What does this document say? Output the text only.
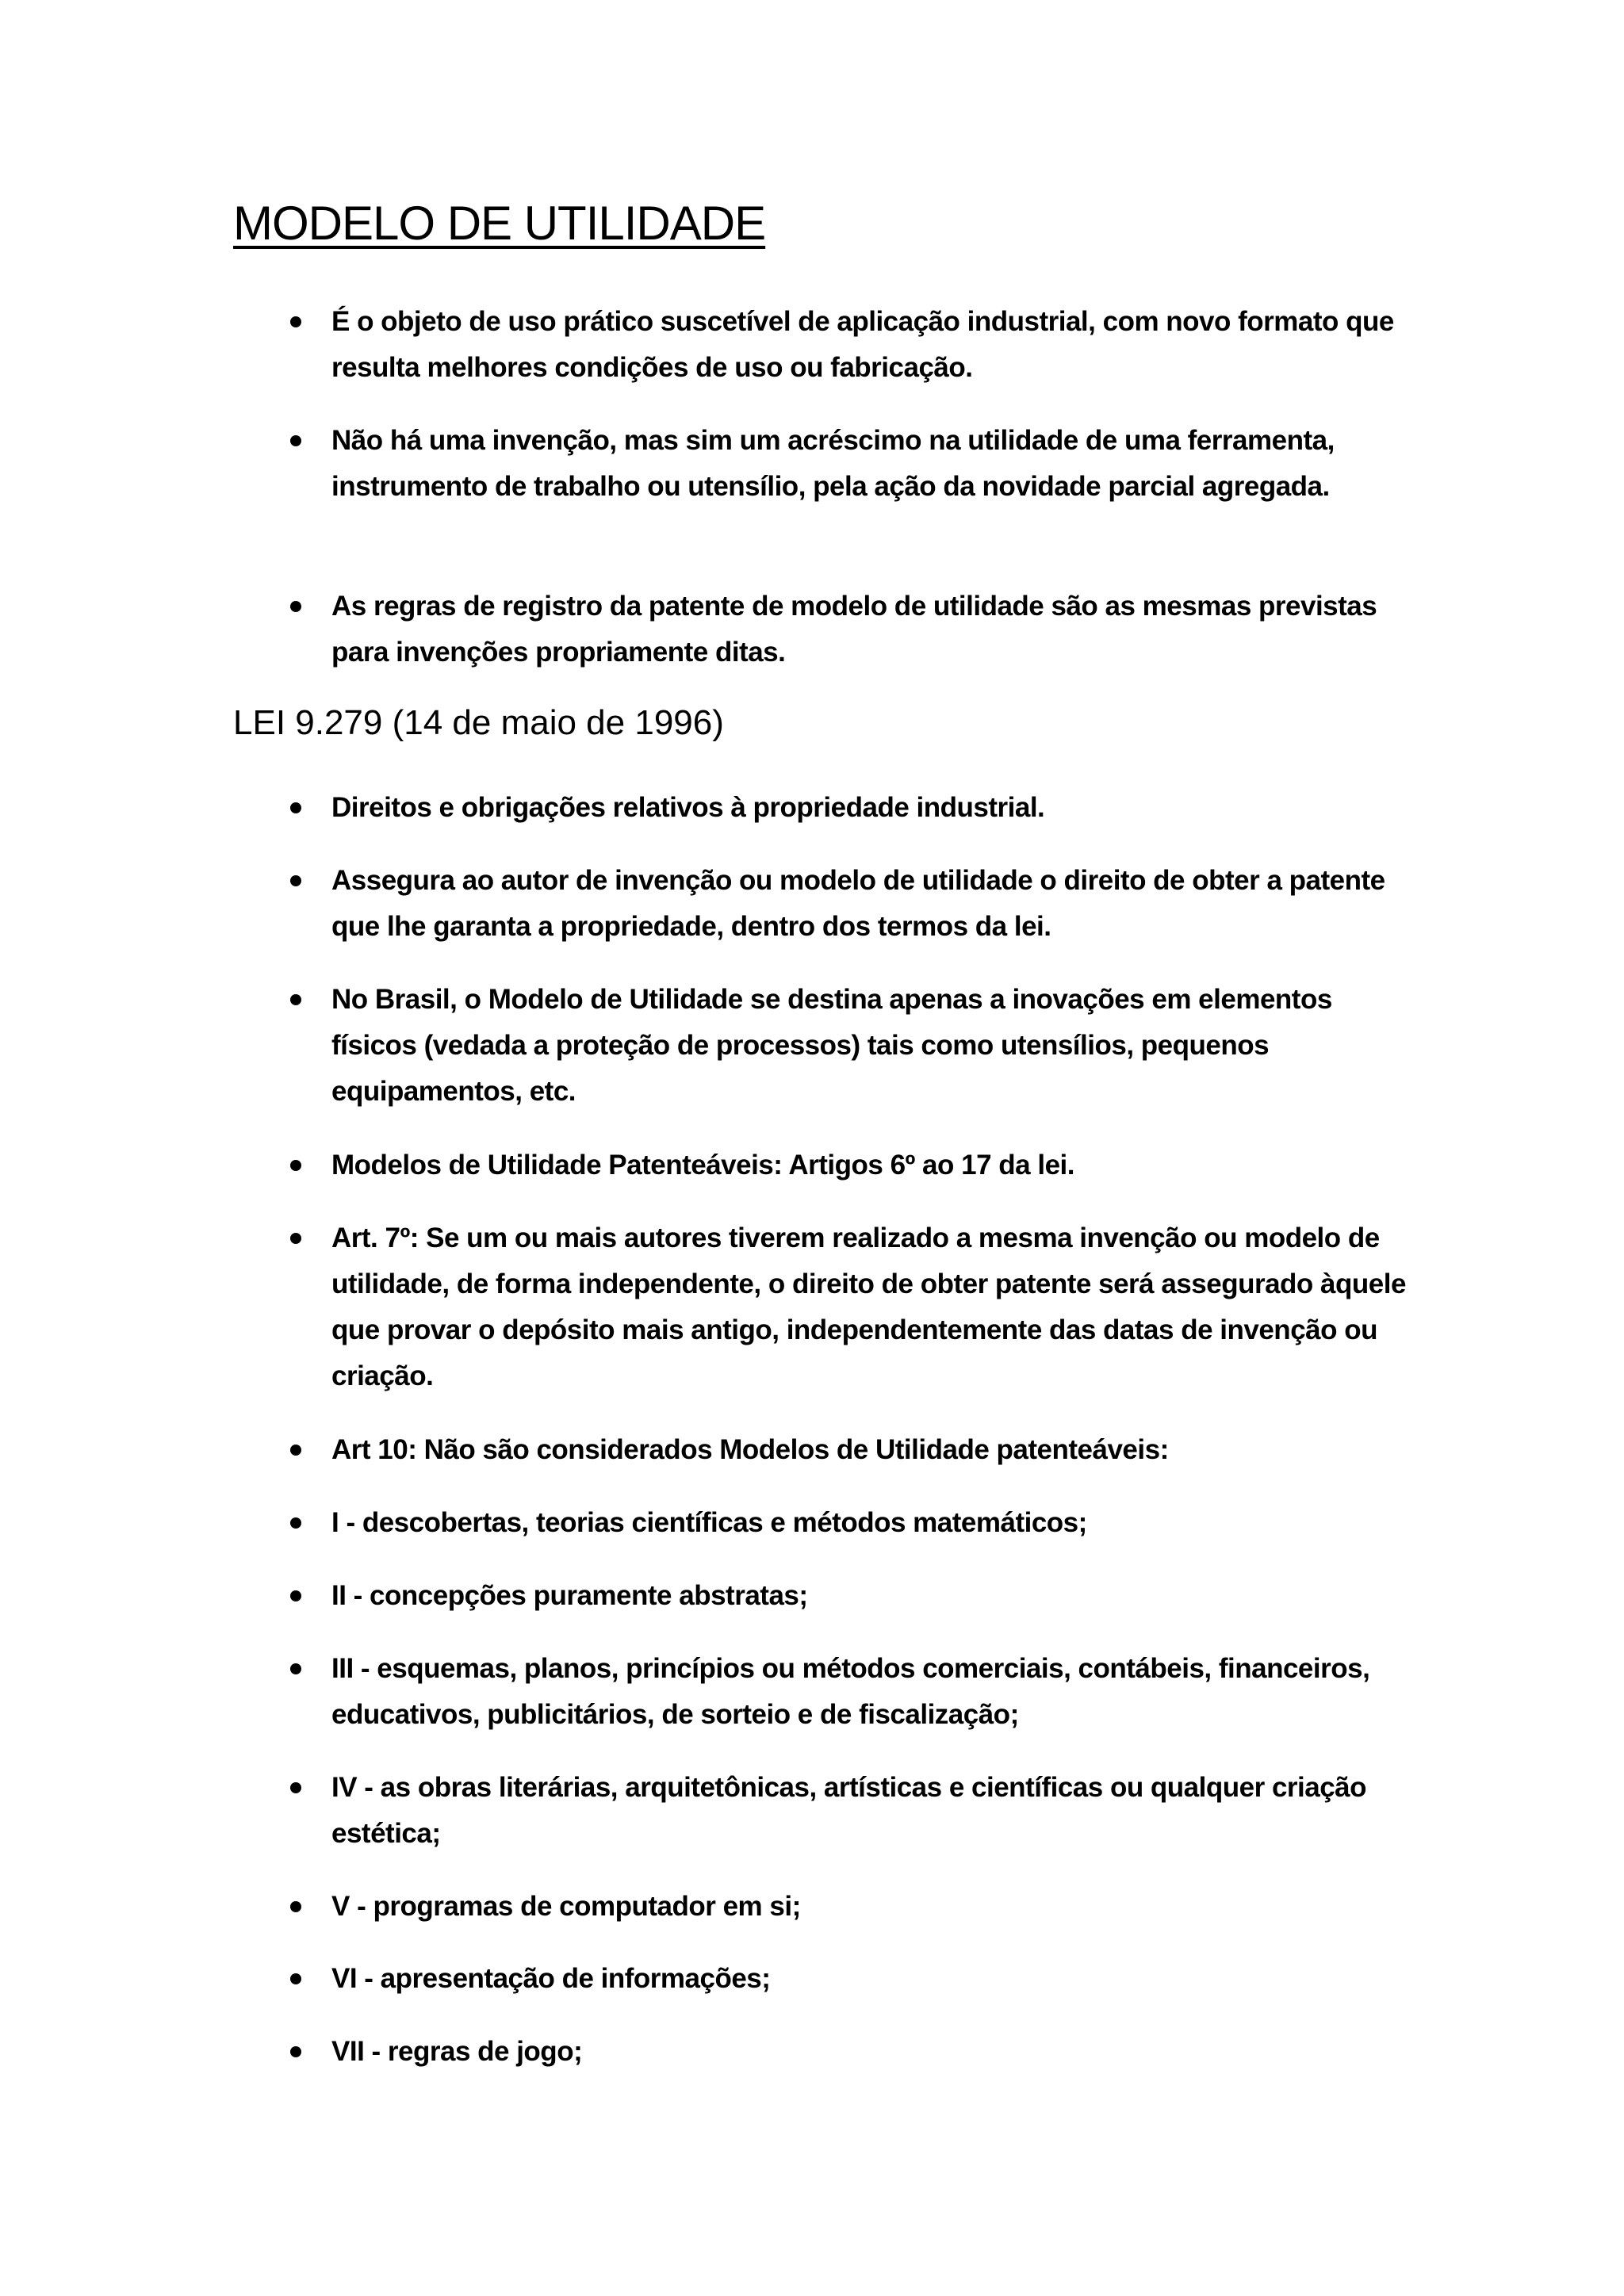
MODELO DE UTILIDADE
É o objeto de uso prático suscetível de aplicação industrial, com novo formato que resulta melhores condições de uso ou fabricação.
Não há uma invenção, mas sim um acréscimo na utilidade de uma ferramenta, instrumento de trabalho ou utensílio, pela ação da novidade parcial agregada.
As regras de registro da patente de modelo de utilidade são as mesmas previstas para invenções propriamente ditas.
LEI 9.279 (14 de maio de 1996)
Direitos e obrigações relativos à propriedade industrial.
Assegura ao autor de invenção ou modelo de utilidade o direito de obter a patente que lhe garanta a propriedade, dentro dos termos da lei.
No Brasil, o Modelo de Utilidade se destina apenas a inovações em elementos físicos (vedada a proteção de processos) tais como utensílios, pequenos equipamentos, etc.
Modelos de Utilidade Patenteáveis: Artigos 6º ao 17 da lei.
Art. 7º: Se um ou mais autores tiverem realizado a mesma invenção ou modelo de utilidade, de forma independente, o direito de obter patente será assegurado àquele que provar o depósito mais antigo, independentemente das datas de invenção ou criação.
Art 10: Não são considerados Modelos de Utilidade patenteáveis:
I - descobertas, teorias científicas e métodos matemáticos;
II - concepções puramente abstratas;
III - esquemas, planos, princípios ou métodos comerciais, contábeis, financeiros, educativos, publicitários, de sorteio e de fiscalização;
IV - as obras literárias, arquitetônicas, artísticas e científicas ou qualquer criação estética;
V - programas de computador em si;
VI - apresentação de informações;
VII - regras de jogo;
